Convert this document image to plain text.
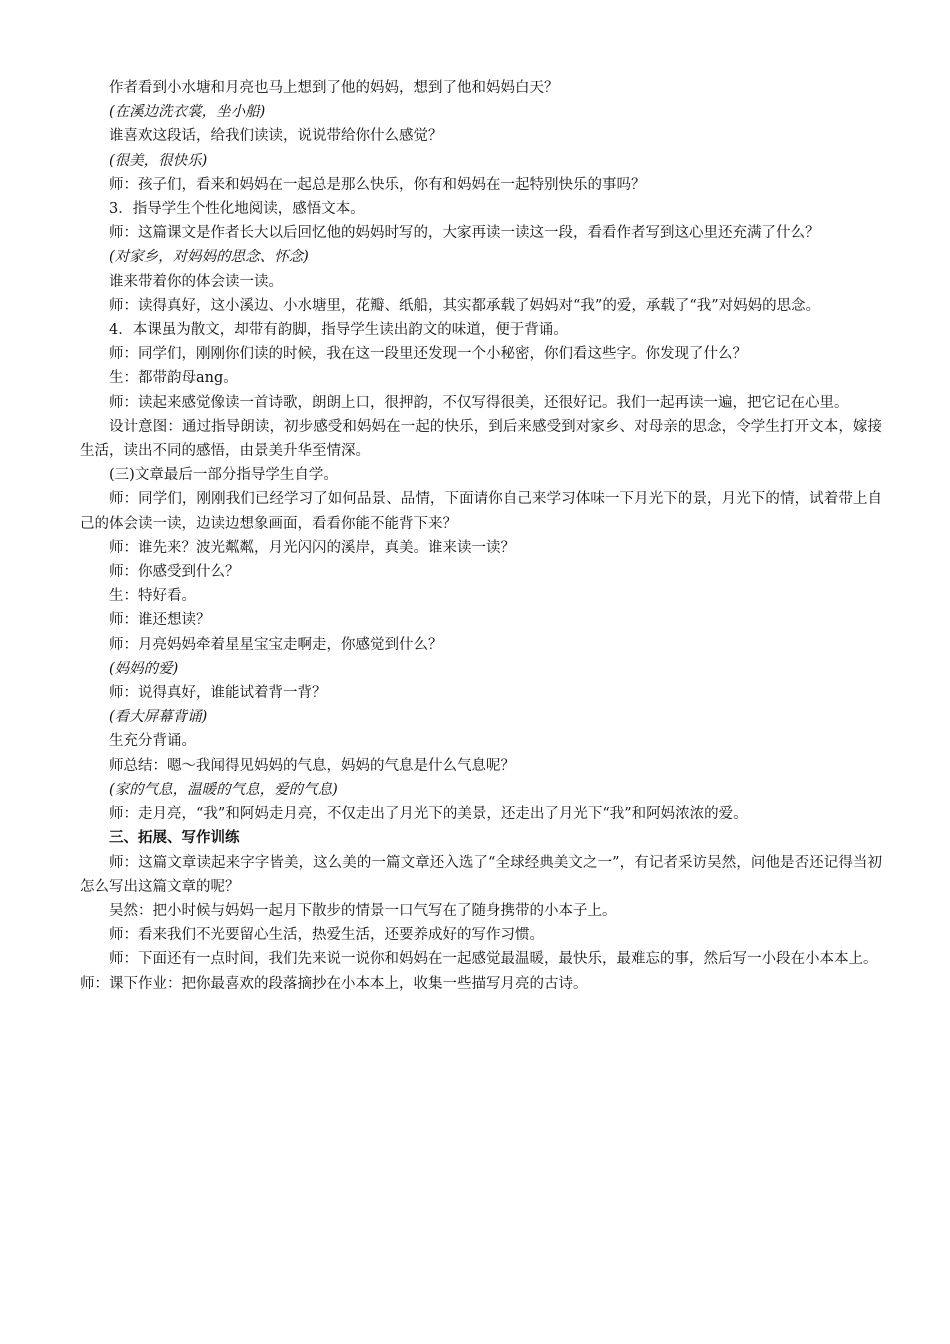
作者看到小水塘和月亮也马上想到了他的妈妈，想到了他和妈妈白天？

(在溪边洗衣裳，坐小船)

谁喜欢这段话，给我们读读，说说带给你什么感觉？

(很美，很快乐)

师：孩子们，看来和妈妈在一起总是那么快乐，你有和妈妈在一起特别快乐的事吗？

3．指导学生个性化地阅读，感悟文本。

师：这篇课文是作者长大以后回忆他的妈妈时写的，大家再读一读这一段，看看作者写到这心里还充满了什么？

(对家乡，对妈妈的思念、怀念)

谁来带着你的体会读一读。

师：读得真好，这小溪边、小水塘里，花瓣、纸船，其实都承载了妈妈对“我”的爱，承载了“我”对妈妈的思念。

4．本课虽为散文，却带有韵脚，指导学生读出韵文的味道，便于背诵。

师：同学们，刚刚你们读的时候，我在这一段里还发现一个小秘密，你们看这些字。你发现了什么？

生：都带韵母ang。

师：读起来感觉像读一首诗歌，朗朗上口，很押韵，不仅写得很美，还很好记。我们一起再读一遍，把它记在心里。

设计意图：通过指导朗读，初步感受和妈妈在一起的快乐，到后来感受到对家乡、对母亲的思念，令学生打开文本，嫁接生活，读出不同的感悟，由景美升华至情深。

(三)文章最后一部分指导学生自学。

师：同学们，刚刚我们已经学习了如何品景、品情，下面请你自己来学习体味一下月光下的景，月光下的情，试着带上自己的体会读一读，边读边想象画面，看看你能不能背下来？

师：谁先来？波光粼粼，月光闪闪的溪岸，真美。谁来读一读？

师：你感受到什么？

生：特好看。

师：谁还想读？

师：月亮妈妈牵着星星宝宝走啊走，你感觉到什么？

(妈妈的爱)

师：说得真好，谁能试着背一背？

(看大屏幕背诵)

生充分背诵。

师总结：嗯～我闻得见妈妈的气息，妈妈的气息是什么气息呢？

(家的气息，温暖的气息，爱的气息)

师：走月亮，“我”和阿妈走月亮，不仅走出了月光下的美景，还走出了月光下“我”和阿妈浓浓的爱。

三、拓展、写作训练

师：这篇文章读起来字字皆美，这么美的一篇文章还入选了“全球经典美文之一”，有记者采访吴然，问他是否还记得当初怎么写出这篇文章的呢？

吴然：把小时候与妈妈一起月下散步的情景一口气写在了随身携带的小本子上。

师：看来我们不光要留心生活，热爱生活，还要养成好的写作习惯。

师：下面还有一点时间，我们先来说一说你和妈妈在一起感觉最温暖，最快乐，最难忘的事，然后写一小段在小本本上。

师：课下作业：把你最喜欢的段落摘抄在小本本上，收集一些描写月亮的古诗。
